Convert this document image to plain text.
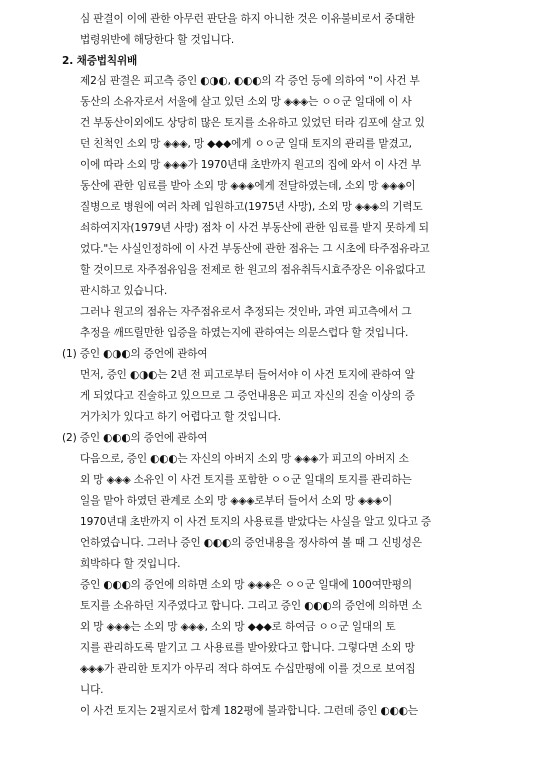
심 판결이 이에 관한 아무런 판단을 하지 아니한 것은 이유불비로서 중대한
법령위반에 해당한다 할 것입니다.
2. 채증법칙위배
제2심 판결은 피고측 증인 ◐◑◐, ◐◐◐의 각 증언 등에 의하여 "이 사건 부
동산의 소유자로서 서울에 살고 있던 소외 망 ◈◈◈는 ㅇㅇ군 일대에 이 사
건 부동산이외에도 상당히 많은 토지를 소유하고 있었던 터라 김포에 살고 있
던 친척인 소외 망 ◈◈◈, 망 ◆◆◆에게 ㅇㅇ군 일대 토지의 관리를 맡겼고,
이에 따라 소외 망 ◈◈◈가 1970년대 초반까지 원고의 집에 와서 이 사건 부
동산에 관한 임료를 받아 소외 망 ◈◈◈에게 전달하였는데, 소외 망 ◈◈◈이
질병으로 병원에 여러 차례 입원하고(1975년 사망), 소외 망 ◈◈◈의 기력도
쇠하여지자(1979년 사망) 점차 이 사건 부동산에 관한 임료를 받지 못하게 되
었다."는 사실인정하에 이 사건 부동산에 관한 점유는 그 시초에 타주점유라고
할 것이므로 자주점유임을 전제로 한 원고의 점유취득시효주장은 이유없다고
판시하고 있습니다.
그러나 원고의 점유는 자주점유로서 추정되는 것인바, 과연 피고측에서 그
추정을 깨뜨릴만한 입증을 하였는지에 관하여는 의문스럽다 할 것입니다.
(1) 증인 ◐◑◐의 증언에 관하여
먼저, 증인 ◐◑◐는 2년 전 피고로부터 들어서야 이 사건 토지에 관하여 알
게 되었다고 진술하고 있으므로 그 증언내용은 피고 자신의 진술 이상의 증
거가치가 있다고 하기 어렵다고 할 것입니다.
(2) 증인 ◐◐◐의 증언에 관하여
다음으로, 증인 ◐◐◐는 자신의 아버지 소외 망 ◈◈◈가 피고의 아버지 소
외 망 ◈◈◈ 소유인 이 사건 토지를 포함한 ㅇㅇ군 일대의 토지를 관리하는
일을 맡아 하였던 관계로 소외 망 ◈◈◈로부터 들어서 소외 망 ◈◈◈이
1970년대 초반까지 이 사건 토지의 사용료를 받았다는 사실을 알고 있다고 증
언하였습니다. 그러나 증인 ◐◐◐의 증언내용을 정사하여 볼 때 그 신빙성은
희박하다 할 것입니다.
증인 ◐◐◐의 증언에 의하면 소외 망 ◈◈◈은 ㅇㅇ군 일대에 100여만평의
토지를 소유하던 지주였다고 합니다. 그리고 증인 ◐◐◐의 증언에 의하면 소
외 망 ◈◈◈는 소외 망 ◈◈◈, 소외 망 ◆◆◆로 하여금 ㅇㅇ군 일대의 토
지를 관리하도록 맡기고 그 사용료를 받아왔다고 합니다. 그렇다면 소외 망
◈◈◈가 관리한 토지가 아무리 적다 하여도 수십만평에 이를 것으로 보여집
니다.
이 사건 토지는 2필지로서 합계 182평에 불과합니다. 그런데 증인 ◐◐◐는
